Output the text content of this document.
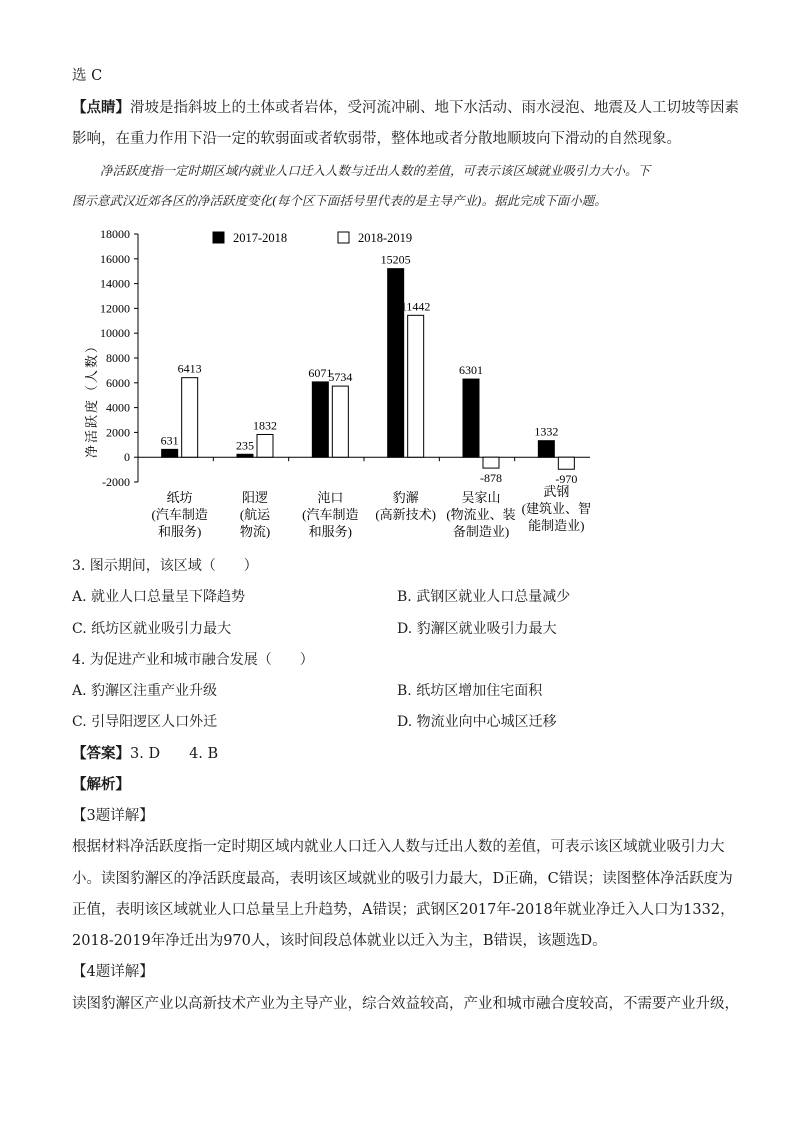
选 C
【点睛】滑坡是指斜坡上的土体或者岩体，受河流冲刷、地下水活动、雨水浸泡、地震及人工切坡等因素
影响，在重力作用下沿一定的软弱面或者软弱带，整体地或者分散地顺坡向下滑动的自然现象。
净活跃度指一定时期区域内就业人口迁入人数与迁出人数的差值，可表示该区域就业吸引力大小。下
图示意武汉近郊各区的净活跃度变化(每个区下面括号里代表的是主导产业)。据此完成下面小题。
18000
16000
14000
12000
10000
8000
6000
4000
2000
0
-2000
净活跃度（人数）
2017-2018	2018-2019
631
6413
纸坊
(汽车制造
和服务)
235
1832
阳逻
(航运
物流)
6071
5734
沌口
(汽车制造
和服务)
15205
11442
豹澥
(高新技术)
6301
-878
吴家山
(物流业、装
备制造业)
1332
-970
武钢
(建筑业、智
能制造业)
3. 图示期间，该区域（　　）
A. 就业人口总量呈下降趋势	B. 武钢区就业人口总量减少
C. 纸坊区就业吸引力最大	D. 豹澥区就业吸引力最大
4. 为促进产业和城市融合发展（　　）
A. 豹澥区注重产业升级	B. 纸坊区增加住宅面积
C. 引导阳逻区人口外迁	D. 物流业向中心城区迁移
【答案】3. D　　4. B
【解析】
【3题详解】
根据材料净活跃度指一定时期区域内就业人口迁入人数与迁出人数的差值，可表示该区域就业吸引力大
小。读图豹澥区的净活跃度最高，表明该区域就业的吸引力最大，D正确，C错误；读图整体净活跃度为
正值，表明该区域就业人口总量呈上升趋势，A错误；武钢区2017年-2018年就业净迁入人口为1332，
2018-2019年净迁出为970人，该时间段总体就业以迁入为主，B错误，该题选D。
【4题详解】
读图豹澥区产业以高新技术产业为主导产业，综合效益较高，产业和城市融合度较高，不需要产业升级，
